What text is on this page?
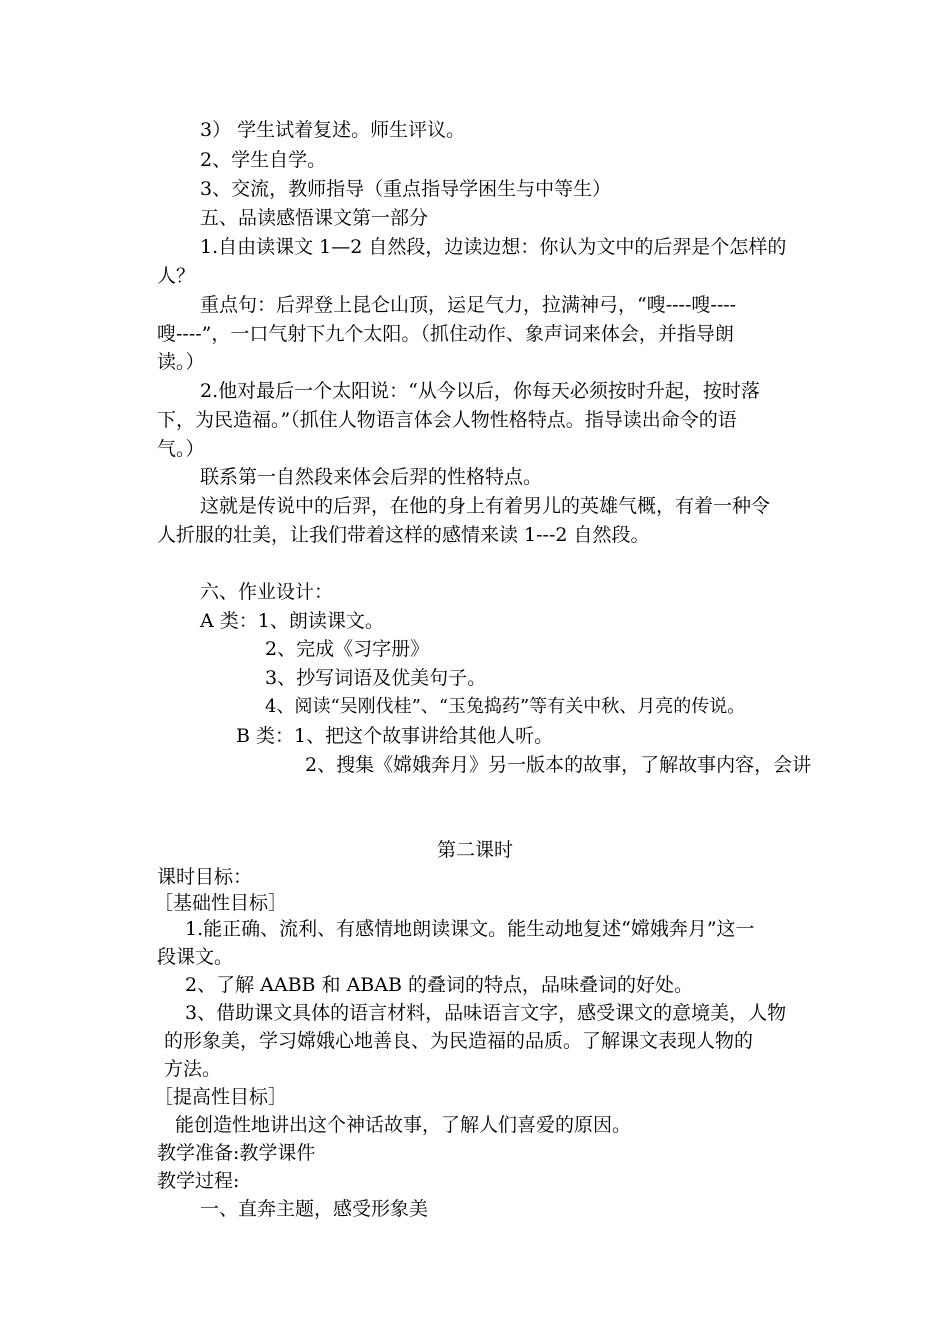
3） 学生试着复述。师生评议。
2、学生自学。
3、交流，教师指导（重点指导学困生与中等生）
五、品读感悟课文第一部分
1.自由读课文 1—2 自然段，边读边想：你认为文中的后羿是个怎样的
人？
重点句：后羿登上昆仑山顶，运足气力，拉满神弓，“嗖----嗖----
嗖----”，一口气射下九个太阳。（抓住动作、象声词来体会，并指导朗
读。）
2.他对最后一个太阳说：“从今以后，你每天必须按时升起，按时落
下，为民造福。”（抓住人物语言体会人物性格特点。指导读出命令的语
气。）
联系第一自然段来体会后羿的性格特点。
这就是传说中的后羿，在他的身上有着男儿的英雄气概，有着一种令
人折服的壮美，让我们带着这样的感情来读 1---2 自然段。
六、作业设计：
A 类：1、朗读课文。
2、完成《习字册》
3、抄写词语及优美句子。
4、阅读“吴刚伐桂”、“玉兔捣药”等有关中秋、月亮的传说。
B 类：1、把这个故事讲给其他人听。
2、搜集《嫦娥奔月》另一版本的故事，了解故事内容，会讲
第二课时
课时目标：
［基础性目标］
1.能正确、流利、有感情地朗读课文。能生动地复述“嫦娥奔月”这一
段课文。
2、了解 AABB 和 ABAB 的叠词的特点，品味叠词的好处。
3、借助课文具体的语言材料，品味语言文字，感受课文的意境美，人物
的形象美，学习嫦娥心地善良、为民造福的品质。了解课文表现人物的
方法。
［提高性目标］
能创造性地讲出这个神话故事，了解人们喜爱的原因。
教学准备:教学课件
教学过程:
一、直奔主题，感受形象美
